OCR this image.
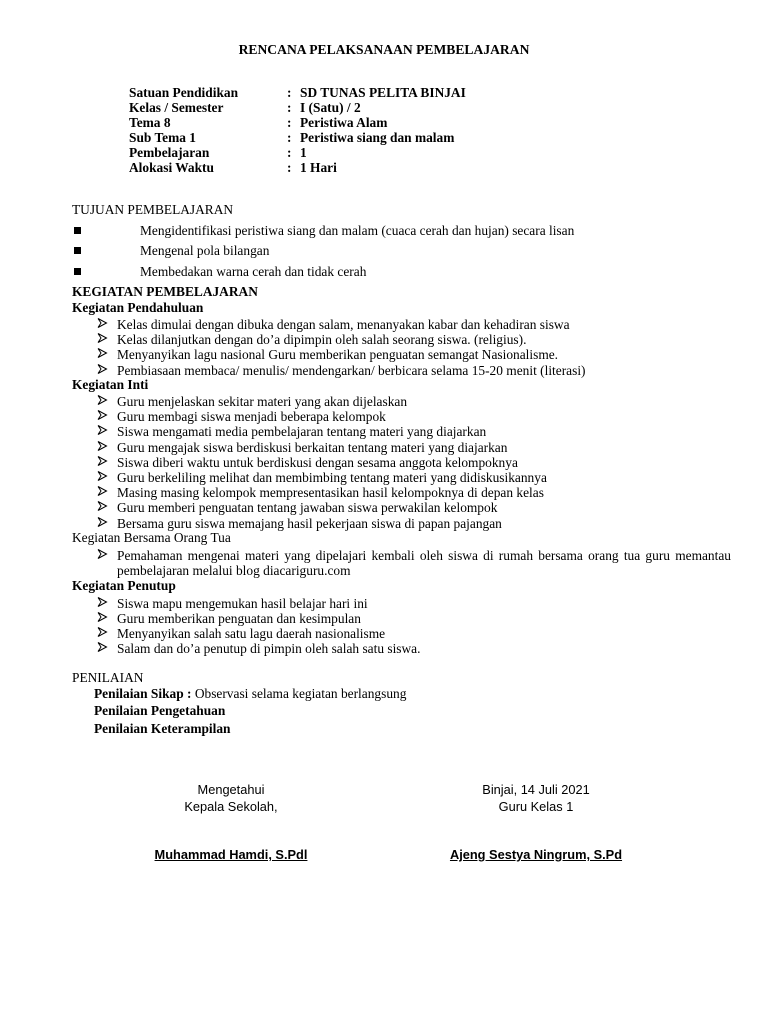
RENCANA PELAKSANAAN PEMBELAJARAN
Satuan Pendidikan	: SD TUNAS PELITA BINJAI
Kelas / Semester	: I (Satu) / 2
Tema 8	: Peristiwa Alam
Sub Tema 1	: Peristiwa siang dan malam
Pembelajaran	: 1
Alokasi Waktu	: 1 Hari
TUJUAN PEMBELAJARAN
Mengidentifikasi peristiwa siang dan malam (cuaca cerah dan hujan) secara lisan
Mengenal pola bilangan
Membedakan warna cerah dan tidak cerah
KEGIATAN PEMBELAJARAN
Kegiatan Pendahuluan
Kelas dimulai dengan dibuka dengan salam, menanyakan kabar dan kehadiran siswa
Kelas dilanjutkan dengan do’a dipimpin oleh salah seorang siswa. (religius).
Menyanyikan lagu nasional Guru memberikan penguatan semangat Nasionalisme.
Pembiasaan membaca/ menulis/ mendengarkan/ berbicara selama 15-20 menit (literasi)
Kegiatan Inti
Guru menjelaskan sekitar materi yang akan dijelaskan
Guru membagi siswa menjadi beberapa kelompok
Siswa mengamati media pembelajaran tentang materi yang diajarkan
Guru mengajak siswa berdiskusi berkaitan tentang materi yang diajarkan
Siswa diberi waktu untuk berdiskusi dengan sesama anggota kelompoknya
Guru berkeliling melihat dan membimbing tentang materi yang didiskusikannya
Masing masing kelompok mempresentasikan hasil kelompoknya di depan kelas
Guru memberi penguatan tentang jawaban siswa perwakilan kelompok
Bersama guru siswa memajang hasil pekerjaan siswa di papan pajangan
Kegiatan Bersama Orang Tua
Pemahaman mengenai materi yang dipelajari kembali oleh siswa di rumah bersama orang tua guru memantau pembelajaran melalui blog diacariguru.com
Kegiatan Penutup
Siswa mapu mengemukan hasil belajar hari ini
Guru memberikan penguatan dan kesimpulan
Menyanyikan salah satu lagu daerah nasionalisme
Salam dan do’a penutup di pimpin oleh salah satu siswa.
PENILAIAN
Penilaian Sikap : Observasi selama kegiatan berlangsung
Penilaian Pengetahuan
Penilaian Keterampilan
Mengetahui
Kepala Sekolah,
Muhammad Hamdi, S.Pdl
Binjai, 14 Juli 2021
Guru Kelas 1
Ajeng Sestya Ningrum, S.Pd
